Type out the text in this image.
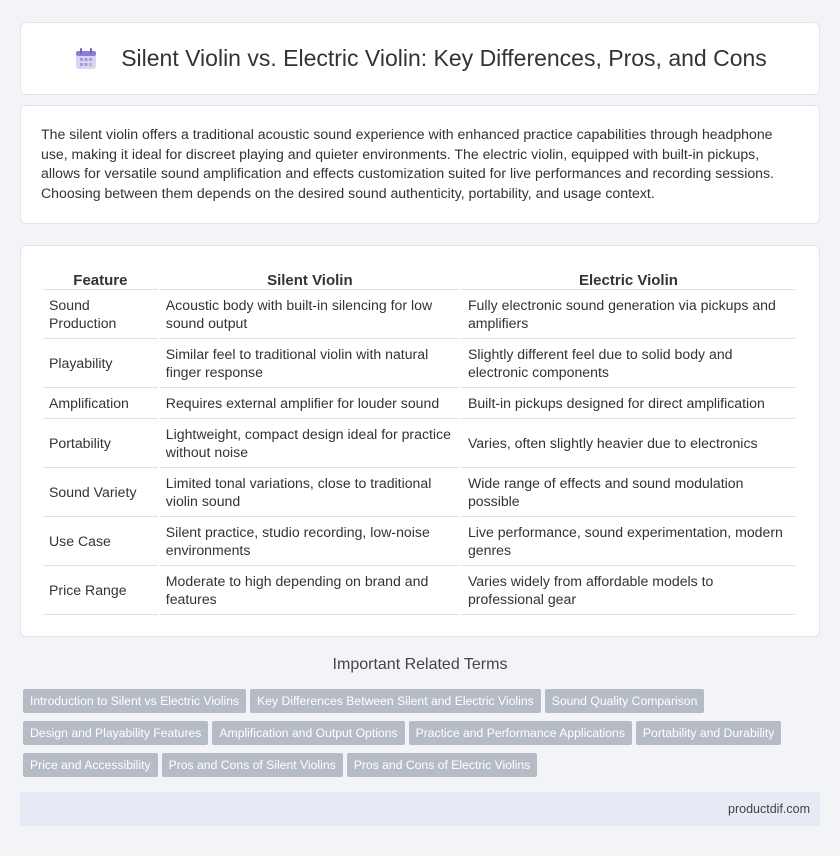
Silent Violin vs. Electric Violin: Key Differences, Pros, and Cons

The silent violin offers a traditional acoustic sound experience with enhanced practice capabilities through headphone use, making it ideal for discreet playing and quieter environments. The electric violin, equipped with built-in pickups, allows for versatile sound amplification and effects customization suited for live performances and recording sessions. Choosing between them depends on the desired sound authenticity, portability, and usage context.

Feature	Silent Violin	Electric Violin
Sound Production	Acoustic body with built-in silencing for low sound output	Fully electronic sound generation via pickups and amplifiers
Playability	Similar feel to traditional violin with natural finger response	Slightly different feel due to solid body and electronic components
Amplification	Requires external amplifier for louder sound	Built-in pickups designed for direct amplification
Portability	Lightweight, compact design ideal for practice without noise	Varies, often slightly heavier due to electronics
Sound Variety	Limited tonal variations, close to traditional violin sound	Wide range of effects and sound modulation possible
Use Case	Silent practice, studio recording, low-noise environments	Live performance, sound experimentation, modern genres
Price Range	Moderate to high depending on brand and features	Varies widely from affordable models to professional gear
Important Related Terms
Introduction to Silent vs Electric Violins	Key Differences Between Silent and Electric Violins	Sound Quality Comparison
Design and Playability Features	Amplification and Output Options	Practice and Performance Applications	Portability and Durability
Price and Accessibility	Pros and Cons of Silent Violins	Pros and Cons of Electric Violins
productdif.com
